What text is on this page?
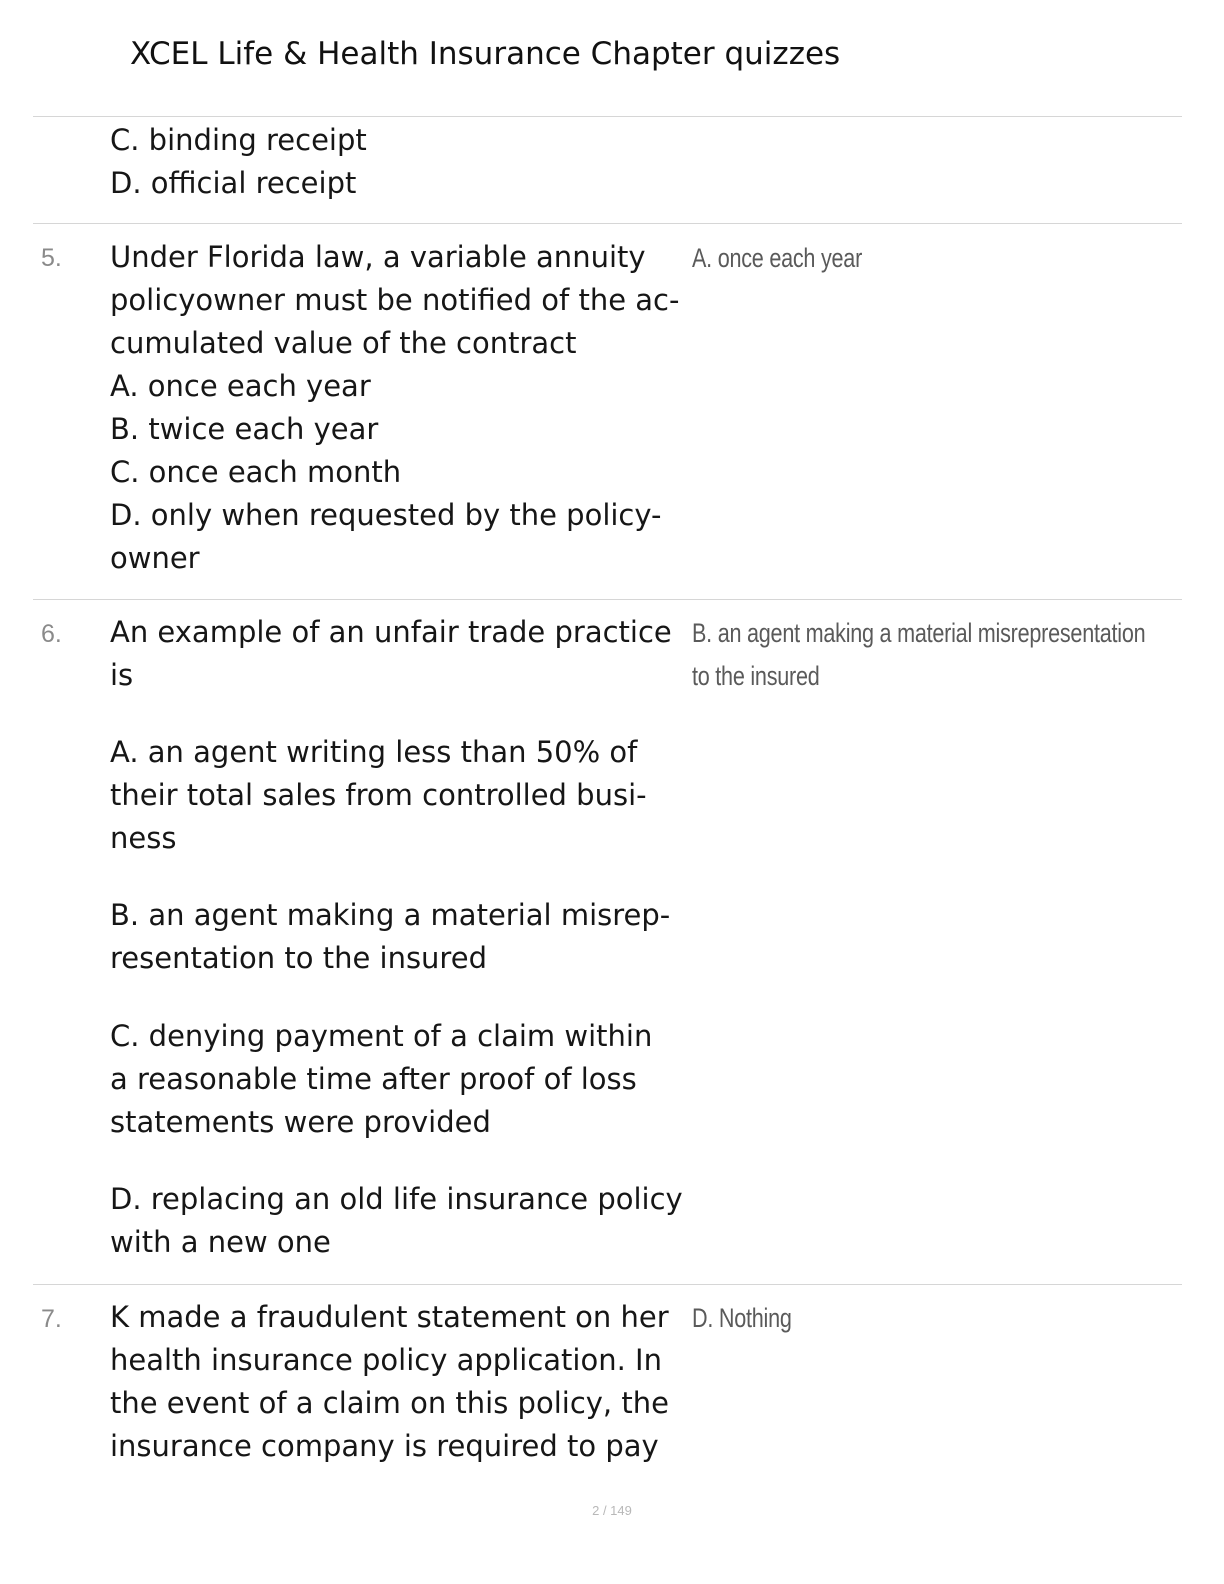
XCEL Life & Health Insurance Chapter quizzes
C. binding receipt
D. official receipt
5. Under Florida law, a variable annuity
policyowner must be notified of the ac-
cumulated value of the contract
A. once each year
B. twice each year
C. once each month
D. only when requested by the policy-
owner
A. once each year
6. An example of an unfair trade practice
is
A. an agent writing less than 50% of
their total sales from controlled busi-
ness
B. an agent making a material misrep-
resentation to the insured
C. denying payment of a claim within
a reasonable time after proof of loss
statements were provided
D. replacing an old life insurance policy
with a new one
B. an agent making a material misrepresentation
to the insured
7. K made a fraudulent statement on her
health insurance policy application. In
the event of a claim on this policy, the
insurance company is required to pay
D. Nothing
2 / 149
